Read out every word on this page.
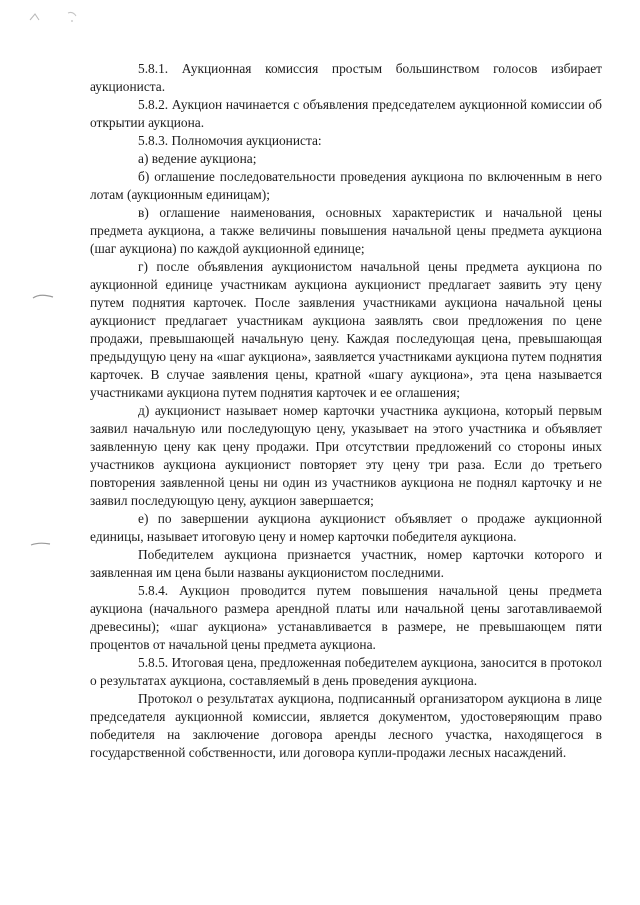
5.8.1. Аукционная комиссия простым большинством голосов избирает аукциониста.

5.8.2. Аукцион начинается с объявления председателем аукционной комиссии об открытии аукциона.

5.8.3. Полномочия аукциониста:

а) ведение аукциона;

б) оглашение последовательности проведения аукциона по включенным в него лотам (аукционным единицам);

в) оглашение наименования, основных характеристик и начальной цены предмета аукциона, а также величины повышения начальной цены предмета аукциона (шаг аукциона) по каждой аукционной единице;

г) после объявления аукционистом начальной цены предмета аукциона по аукционной единице участникам аукциона аукционист предлагает заявить эту цену путем поднятия карточек. После заявления участниками аукциона начальной цены аукционист предлагает участникам аукциона заявлять свои предложения по цене продажи, превышающей начальную цену. Каждая последующая цена, превышающая предыдущую цену на «шаг аукциона», заявляется участниками аукциона путем поднятия карточек. В случае заявления цены, кратной «шагу аукциона», эта цена называется участниками аукциона путем поднятия карточек и ее оглашения;

д) аукционист называет номер карточки участника аукциона, который первым заявил начальную или последующую цену, указывает на этого участника и объявляет заявленную цену как цену продажи. При отсутствии предложений со стороны иных участников аукциона аукционист повторяет эту цену три раза. Если до третьего повторения заявленной цены ни один из участников аукциона не поднял карточку и не заявил последующую цену, аукцион завершается;

е) по завершении аукциона аукционист объявляет о продаже аукционной единицы, называет итоговую цену и номер карточки победителя аукциона.

Победителем аукциона признается участник, номер карточки которого и заявленная им цена были названы аукционистом последними.

5.8.4. Аукцион проводится путем повышения начальной цены предмета аукциона (начального размера арендной платы или начальной цены заготавливаемой древесины); «шаг аукциона» устанавливается в размере, не превышающем пяти процентов от начальной цены предмета аукциона.

5.8.5. Итоговая цена, предложенная победителем аукциона, заносится в протокол о результатах аукциона, составляемый в день проведения аукциона.

Протокол о результатах аукциона, подписанный организатором аукциона в лице председателя аукционной комиссии, является документом, удостоверяющим право победителя на заключение договора аренды лесного участка, находящегося в государственной собственности, или договора купли-продажи лесных насаждений.
